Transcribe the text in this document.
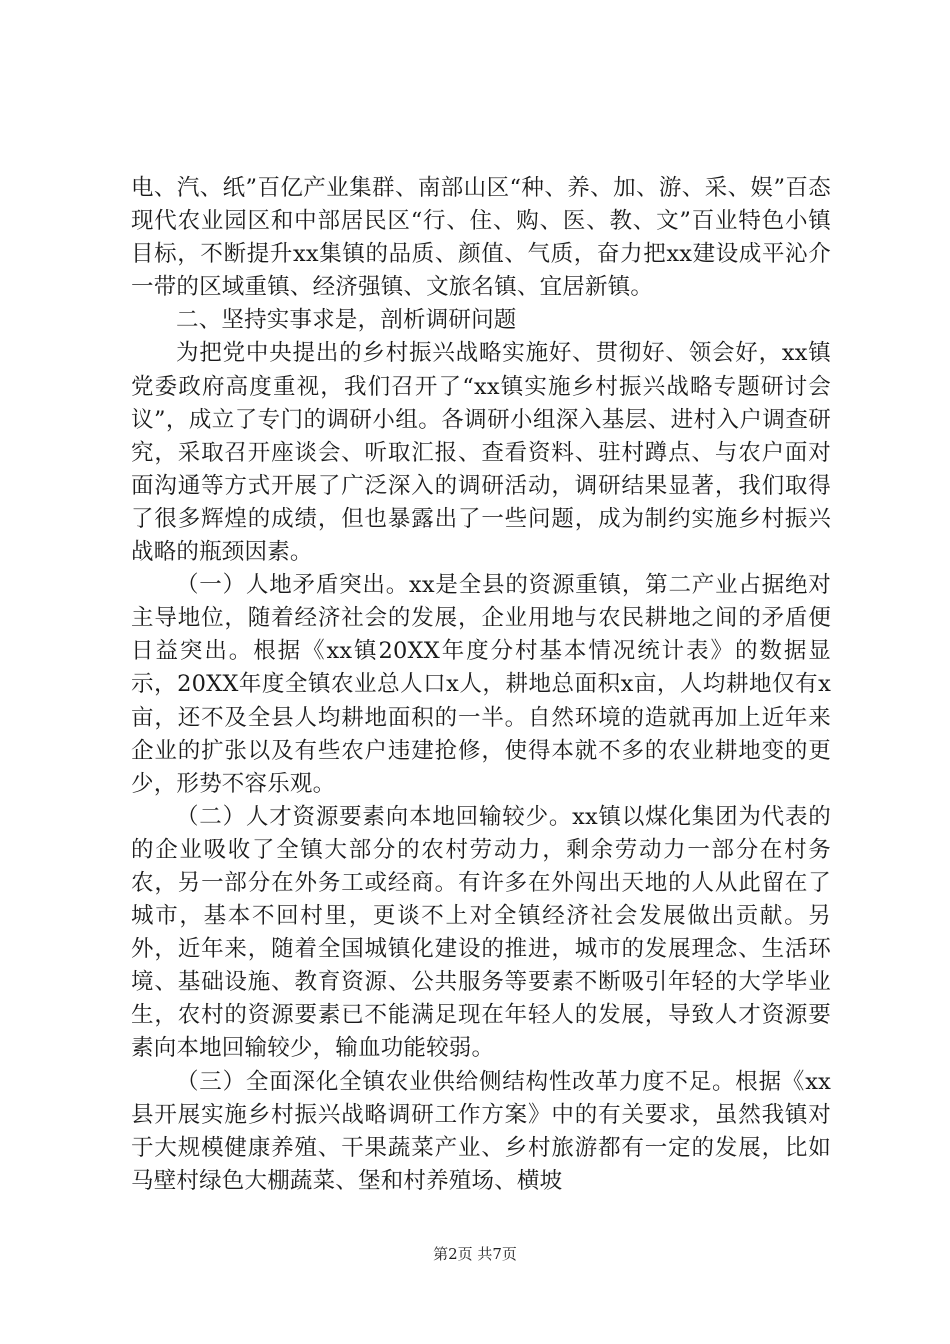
电、汽、纸”百亿产业集群、南部山区“种、养、加、游、采、娱”百态现代农业园区和中部居民区“行、住、购、医、教、文”百业特色小镇目标，不断提升xx集镇的品质、颜值、气质，奋力把xx建设成平沁介一带的区域重镇、经济强镇、文旅名镇、宜居新镇。

二、坚持实事求是，剖析调研问题

为把党中央提出的乡村振兴战略实施好、贯彻好、领会好，xx镇党委政府高度重视，我们召开了“xx镇实施乡村振兴战略专题研讨会议”，成立了专门的调研小组。各调研小组深入基层、进村入户调查研究，采取召开座谈会、听取汇报、查看资料、驻村蹲点、与农户面对面沟通等方式开展了广泛深入的调研活动，调研结果显著，我们取得了很多辉煌的成绩，但也暴露出了一些问题，成为制约实施乡村振兴战略的瓶颈因素。

（一）人地矛盾突出。xx是全县的资源重镇，第二产业占据绝对主导地位，随着经济社会的发展，企业用地与农民耕地之间的矛盾便日益突出。根据《xx镇20XX年度分村基本情况统计表》的数据显示，20XX年度全镇农业总人口x人，耕地总面积x亩，人均耕地仅有x亩，还不及全县人均耕地面积的一半。自然环境的造就再加上近年来企业的扩张以及有些农户违建抢修，使得本就不多的农业耕地变的更少，形势不容乐观。

（二）人才资源要素向本地回输较少。xx镇以煤化集团为代表的的企业吸收了全镇大部分的农村劳动力，剩余劳动力一部分在村务农，另一部分在外务工或经商。有许多在外闯出天地的人从此留在了城市，基本不回村里，更谈不上对全镇经济社会发展做出贡献。另外，近年来，随着全国城镇化建设的推进，城市的发展理念、生活环境、基础设施、教育资源、公共服务等要素不断吸引年轻的大学毕业生，农村的资源要素已不能满足现在年轻人的发展，导致人才资源要素向本地回输较少，输血功能较弱。

（三）全面深化全镇农业供给侧结构性改革力度不足。根据《xx县开展实施乡村振兴战略调研工作方案》中的有关要求，虽然我镇对于大规模健康养殖、干果蔬菜产业、乡村旅游都有一定的发展，比如马壁村绿色大棚蔬菜、堡和村养殖场、横坡

第2页 共7页
